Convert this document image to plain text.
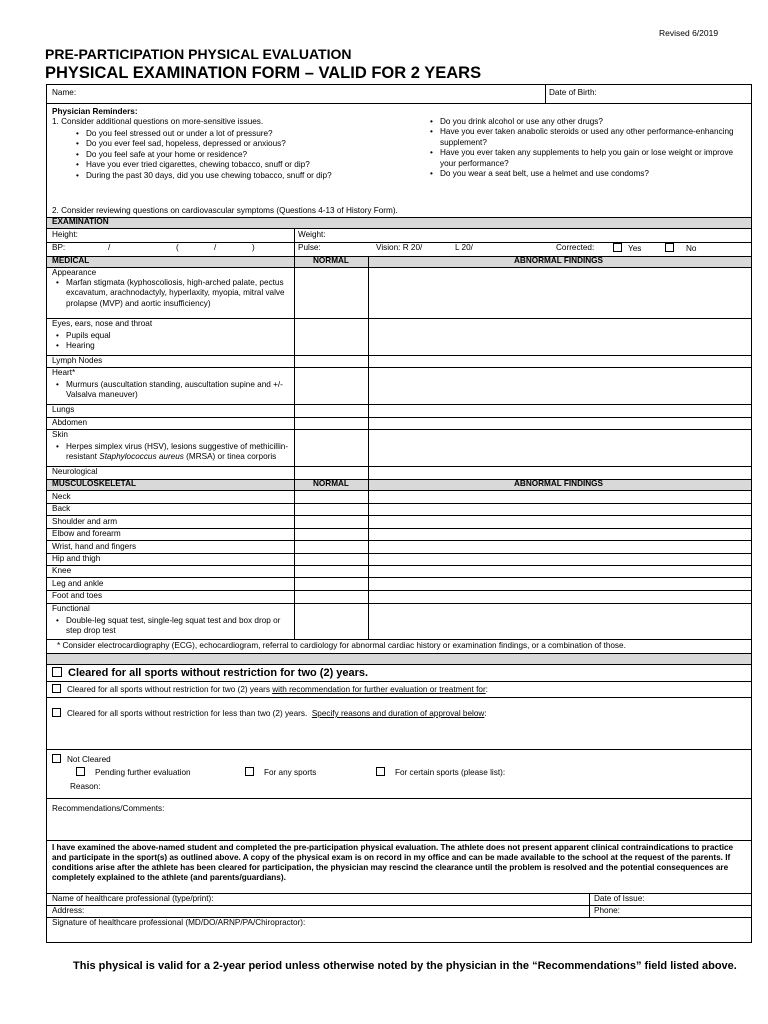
Revised 6/2019
PRE-PARTICIPATION PHYSICAL EVALUATION
PHYSICAL EXAMINATION FORM – VALID FOR 2 YEARS
Name:	Date of Birth:
Physician Reminders:
1. Consider additional questions on more-sensitive issues.
• Do you feel stressed out or under a lot of pressure?
• Do you ever feel sad, hopeless, depressed or anxious?
• Do you feel safe at your home or residence?
• Have you ever tried cigarettes, chewing tobacco, snuff or dip?
• During the past 30 days, did you use chewing tobacco, snuff or dip?
• Do you drink alcohol or use any other drugs?
• Have you ever taken anabolic steroids or used any other performance-enhancing supplement?
• Have you ever taken any supplements to help you gain or lose weight or improve your performance?
• Do you wear a seat belt, use a helmet and use condoms?
2. Consider reviewing questions on cardiovascular symptoms (Questions 4-13 of History Form).
EXAMINATION
Height:	Weight:
BP:	/	(	/	)	Pulse:	Vision: R 20/	L 20/	Corrected:	Yes	No
MEDICAL	NORMAL	ABNORMAL FINDINGS
Appearance
• Marfan stigmata (kyphoscoliosis, high-arched palate, pectus excavatum, arachnodactyly, hyperlaxity, myopia, mitral valve prolapse (MVP) and aortic insufficiency)
Eyes, ears, nose and throat
• Pupils equal
• Hearing
Lymph Nodes
Heart*
• Murmurs (auscultation standing, auscultation supine and +/- Valsalva maneuver)
Lungs
Abdomen
Skin
• Herpes simplex virus (HSV), lesions suggestive of methicillin-resistant Staphylococcus aureus (MRSA) or tinea corporis
Neurological
MUSCULOSKELETAL	NORMAL	ABNORMAL FINDINGS
Neck
Back
Shoulder and arm
Elbow and forearm
Wrist, hand and fingers
Hip and thigh
Knee
Leg and ankle
Foot and toes
Functional
• Double-leg squat test, single-leg squat test and box drop or step drop test
* Consider electrocardiography (ECG), echocardiogram, referral to cardiology for abnormal cardiac history or examination findings, or a combination of those.
Cleared for all sports without restriction for two (2) years.
Cleared for all sports without restriction for two (2) years with recommendation for further evaluation or treatment for:
Cleared for all sports without restriction for less than two (2) years. Specify reasons and duration of approval below:
Not Cleared
Pending further evaluation	For any sports	For certain sports (please list):
Reason:
Recommendations/Comments:
I have examined the above-named student and completed the pre-participation physical evaluation. The athlete does not present apparent clinical contraindications to practice and participate in the sport(s) as outlined above. A copy of the physical exam is on record in my office and can be made available to the school at the request of the parents. If conditions arise after the athlete has been cleared for participation, the physician may rescind the clearance until the problem is resolved and the potential consequences are completely explained to the athlete (and parents/guardians).
Name of healthcare professional (type/print):	Date of Issue:
Address:	Phone:
Signature of healthcare professional (MD/DO/ARNP/PA/Chiropractor):
This physical is valid for a 2-year period unless otherwise noted by the physician in the “Recommendations” field listed above.
